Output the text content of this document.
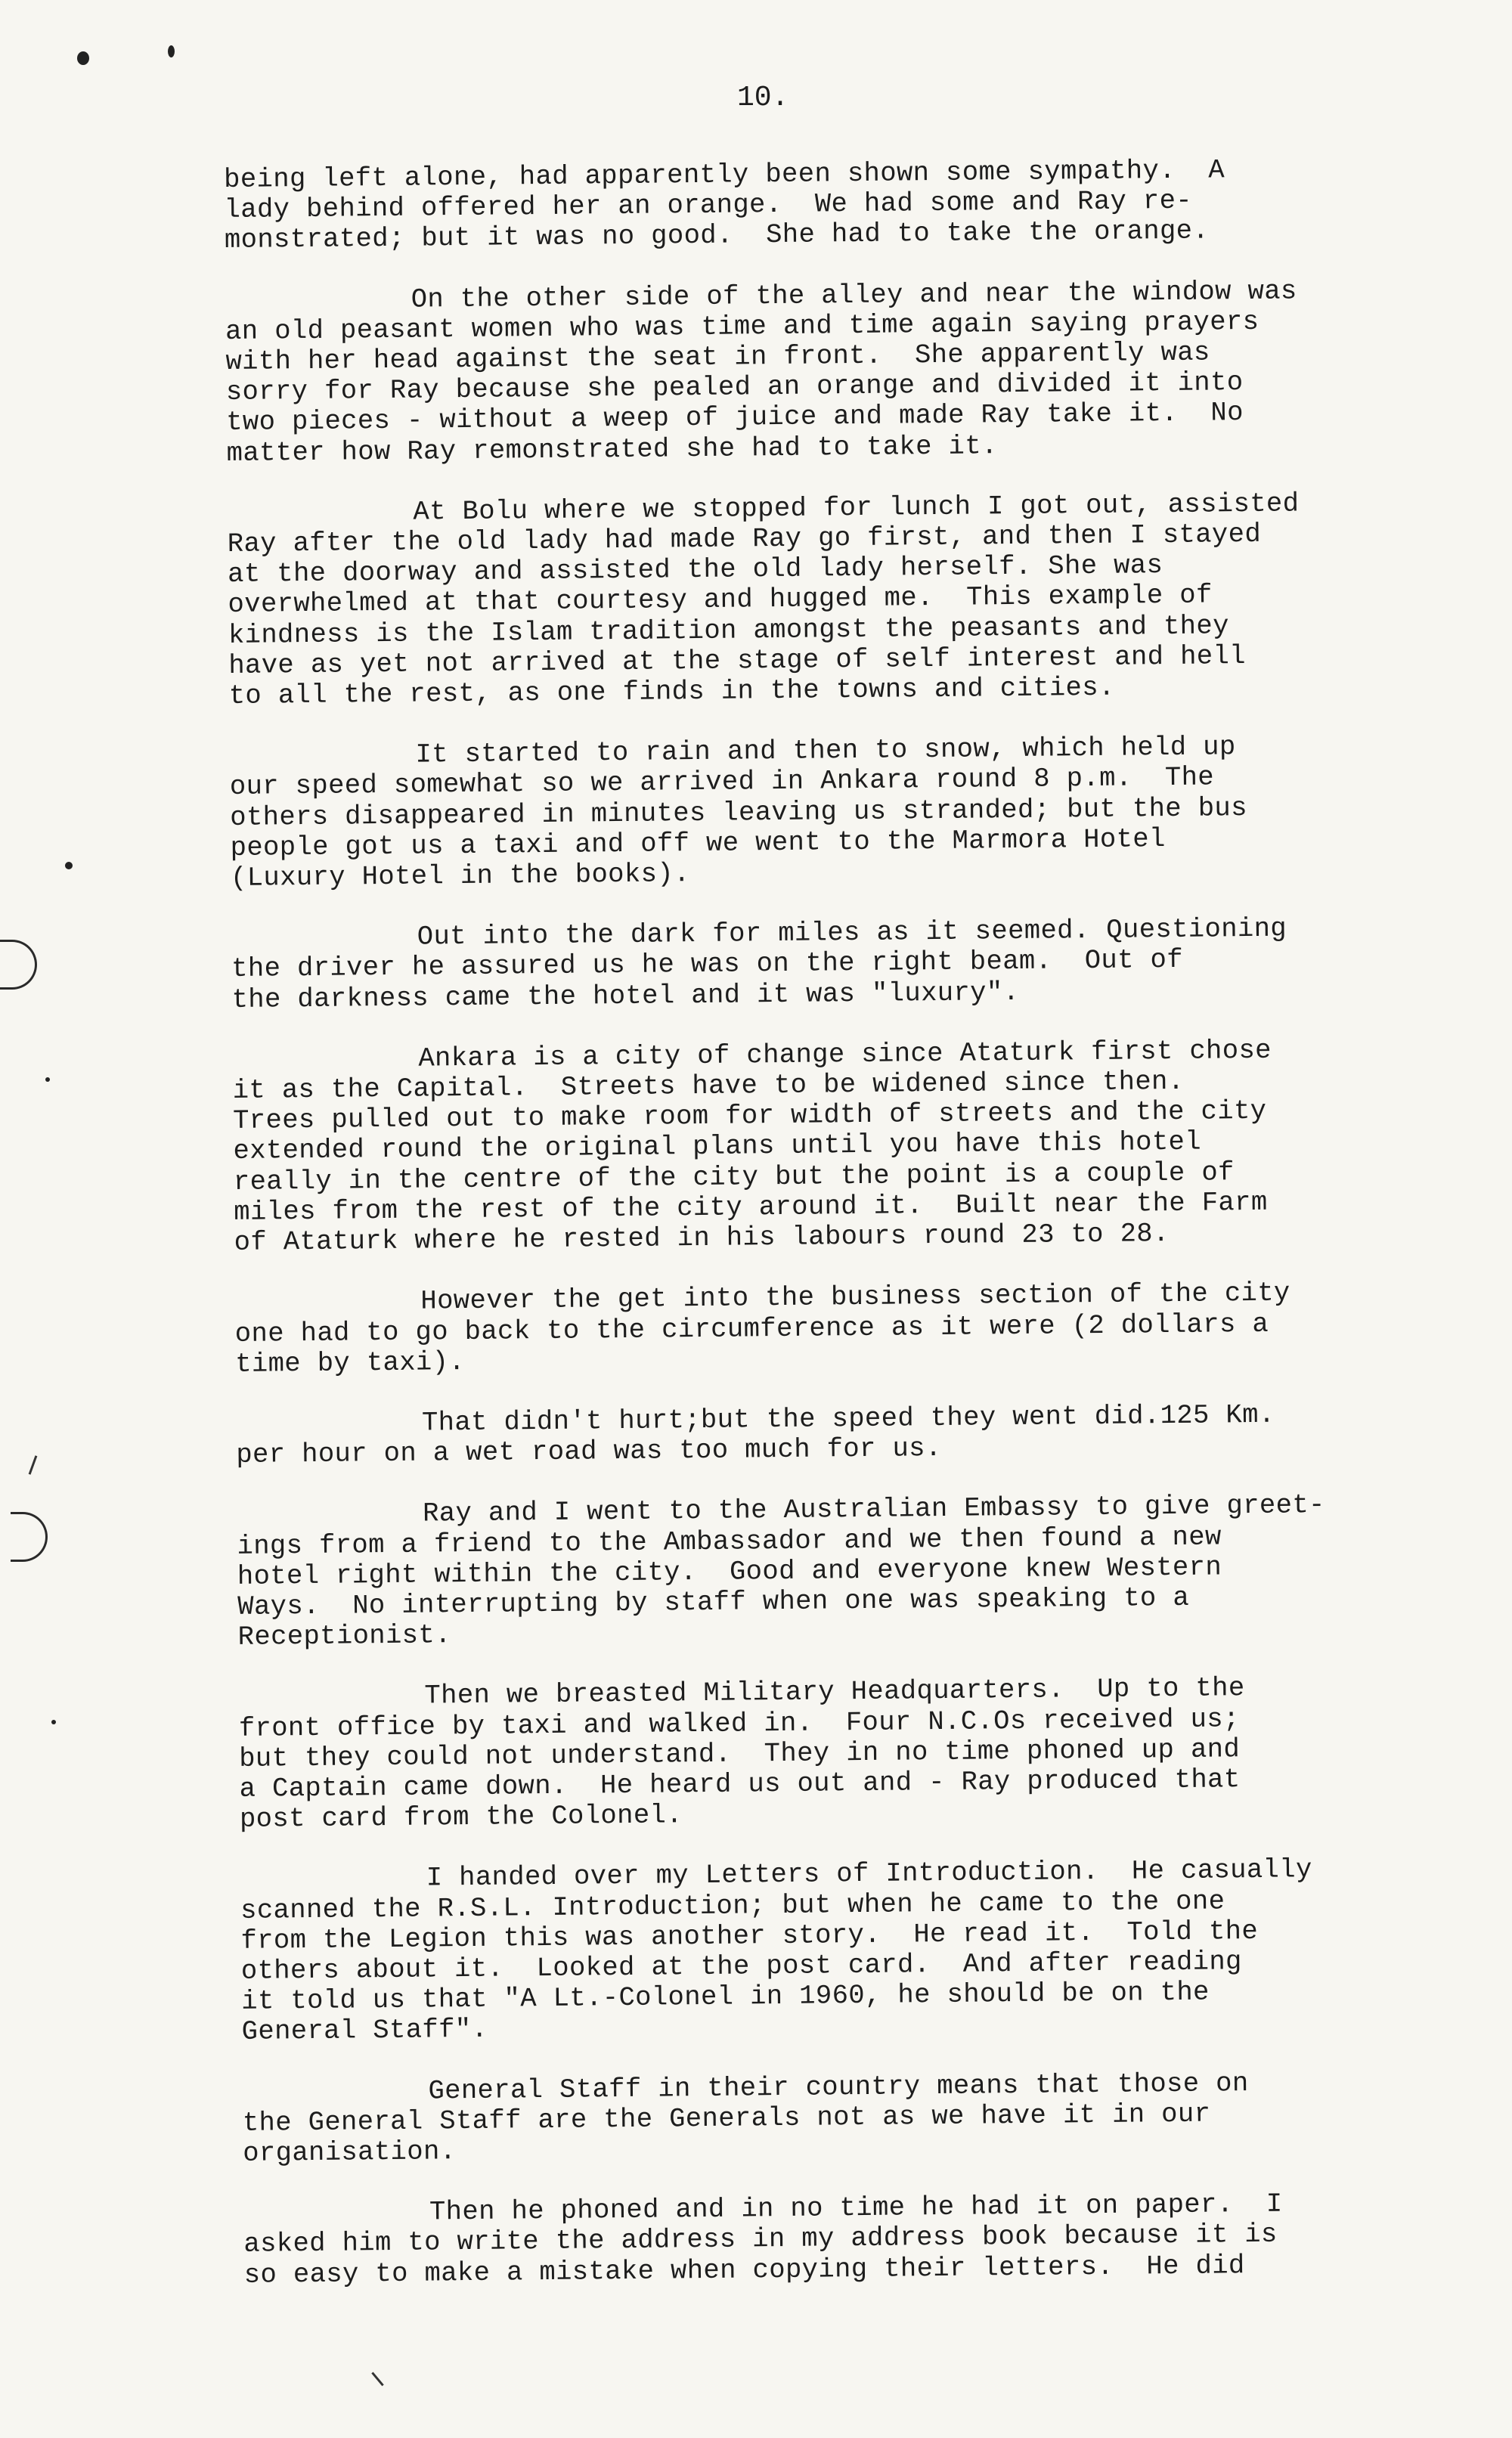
10.
being left alone, had apparently been shown some sympathy.  A
lady behind offered her an orange.  We had some and Ray re-
monstrated; but it was no good.  She had to take the orange.
On the other side of the alley and near the window was
an old peasant women who was time and time again saying prayers
with her head against the seat in front.  She apparently was
sorry for Ray because she pealed an orange and divided it into
two pieces - without a weep of juice and made Ray take it.  No
matter how Ray remonstrated she had to take it.
At Bolu where we stopped for lunch I got out, assisted
Ray after the old lady had made Ray go first, and then I stayed
at the doorway and assisted the old lady herself. She was
overwhelmed at that courtesy and hugged me.  This example of
kindness is the Islam tradition amongst the peasants and they
have as yet not arrived at the stage of self interest and hell
to all the rest, as one finds in the towns and cities.
It started to rain and then to snow, which held up
our speed somewhat so we arrived in Ankara round 8 p.m.  The
others disappeared in minutes leaving us stranded; but the bus
people got us a taxi and off we went to the Marmora Hotel
(Luxury Hotel in the books).
Out into the dark for miles as it seemed. Questioning
the driver he assured us he was on the right beam.  Out of
the darkness came the hotel and it was "luxury".
Ankara is a city of change since Ataturk first chose
it as the Capital.  Streets have to be widened since then.
Trees pulled out to make room for width of streets and the city
extended round the original plans until you have this hotel
really in the centre of the city but the point is a couple of
miles from the rest of the city around it.  Built near the Farm
of Ataturk where he rested in his labours round 23 to 28.
However the get into the business section of the city
one had to go back to the circumference as it were (2 dollars a
time by taxi).
That didn't hurt;but the speed they went did.125 Km.
per hour on a wet road was too much for us.
Ray and I went to the Australian Embassy to give greet-
ings from a friend to the Ambassador and we then found a new
hotel right within the city.  Good and everyone knew Western
Ways.  No interrupting by staff when one was speaking to a
Receptionist.
Then we breasted Military Headquarters.  Up to the
front office by taxi and walked in.  Four N.C.Os received us;
but they could not understand.  They in no time phoned up and
a Captain came down.  He heard us out and - Ray produced that
post card from the Colonel.
I handed over my Letters of Introduction.  He casually
scanned the R.S.L. Introduction; but when he came to the one
from the Legion this was another story.  He read it.  Told the
others about it.  Looked at the post card.  And after reading
it told us that "A Lt.-Colonel in 1960, he should be on the
General Staff".
General Staff in their country means that those on
the General Staff are the Generals not as we have it in our
organisation.
Then he phoned and in no time he had it on paper.  I
asked him to write the address in my address book because it is
so easy to make a mistake when copying their letters.  He did
